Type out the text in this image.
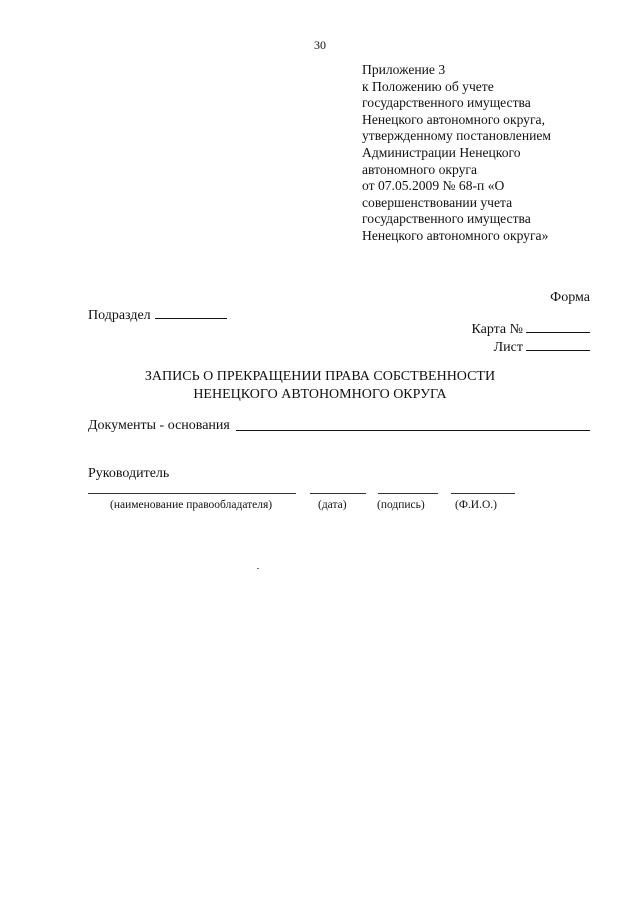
30
Приложение 3
к Положению об учете
государственного имущества
Ненецкого автономного округа,
утвержденному постановлением
Администрации Ненецкого
автономного округа
от 07.05.2009 № 68-п «О
совершенствовании учета
государственного имущества
Ненецкого автономного округа»
Форма
Подраздел
Карта №
Лист
ЗАПИСЬ О ПРЕКРАЩЕНИИ ПРАВА СОБСТВЕННОСТИ
НЕНЕЦКОГО АВТОНОМНОГО ОКРУГА
Документы - основания
Руководитель
(наименование правообладателя)	(дата)	(подпись)	(Ф.И.О.)
